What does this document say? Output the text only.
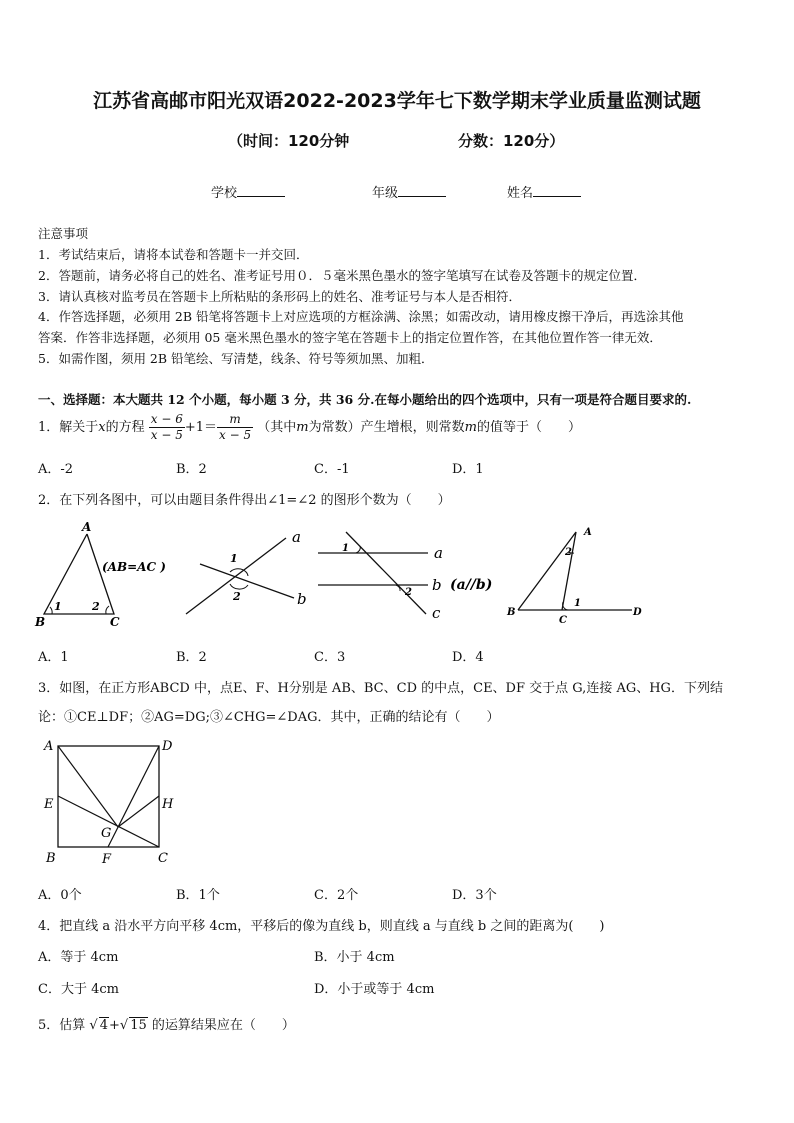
江苏省高邮市阳光双语2022-2023学年七下数学期末学业质量监测试题
（时间：120分钟	分数：120分）
学校	年级	姓名
注意事项
1．考试结束后，请将本试卷和答题卡一并交回．
2．答题前，请务必将自己的姓名、准考证号用０．５毫米黑色墨水的签字笔填写在试卷及答题卡的规定位置．
3．请认真核对监考员在答题卡上所粘贴的条形码上的姓名、准考证号与本人是否相符．
4．作答选择题，必须用 2B 铅笔将答题卡上对应选项的方框涂满、涂黑；如需改动，请用橡皮擦干净后，再选涂其他
答案．作答非选择题，必须用 05 毫米黑色墨水的签字笔在答题卡上的指定位置作答，在其他位置作答一律无效．
5．如需作图，须用 2B 铅笔绘、写清楚，线条、符号等须加黑、加粗．
一、选择题：本大题共 12 个小题，每小题 3 分，共 36 分.在每小题给出的四个选项中，只有一项是符合题目要求的.
1．解关于x的方程 $\frac{x - 6}{x - 5} +1= \frac{m}{x - 5}$ （其中m为常数）产生增根，则常数m的值等于（　　）
A．-2	B．2	C．-1	D．1
2．在下列各图中，可以由题目条件得出∠1=∠2 的图形个数为（　　）
A
B	C
1	2
(AB=AC )
1
2
a
b
1
2
a
b
c
(a//b)
A
2
1
B
C
D
A．1	B．2	C．3	D．4
3．如图，在正方形ABCD 中，点E、F、H分别是 AB、BC、CD 的中点，CE、DF 交于点 G,连接 AG、HG．下列结
论：①CE⊥DF；②AG=DG;③∠CHG=∠DAG．其中，正确的结论有（　　）
A	D
E	H
G
B	F	C
A．0个	B．1个	C．2个	D．3个
4．把直线 a 沿水平方向平移 4cm，平移后的像为直线 b，则直线 a 与直线 b 之间的距离为(　　)
A．等于 4cm	B．小于 4cm
C．大于 4cm	D．小于或等于 4cm
5．估算 √ 4+√ 15 的运算结果应在（　　）
